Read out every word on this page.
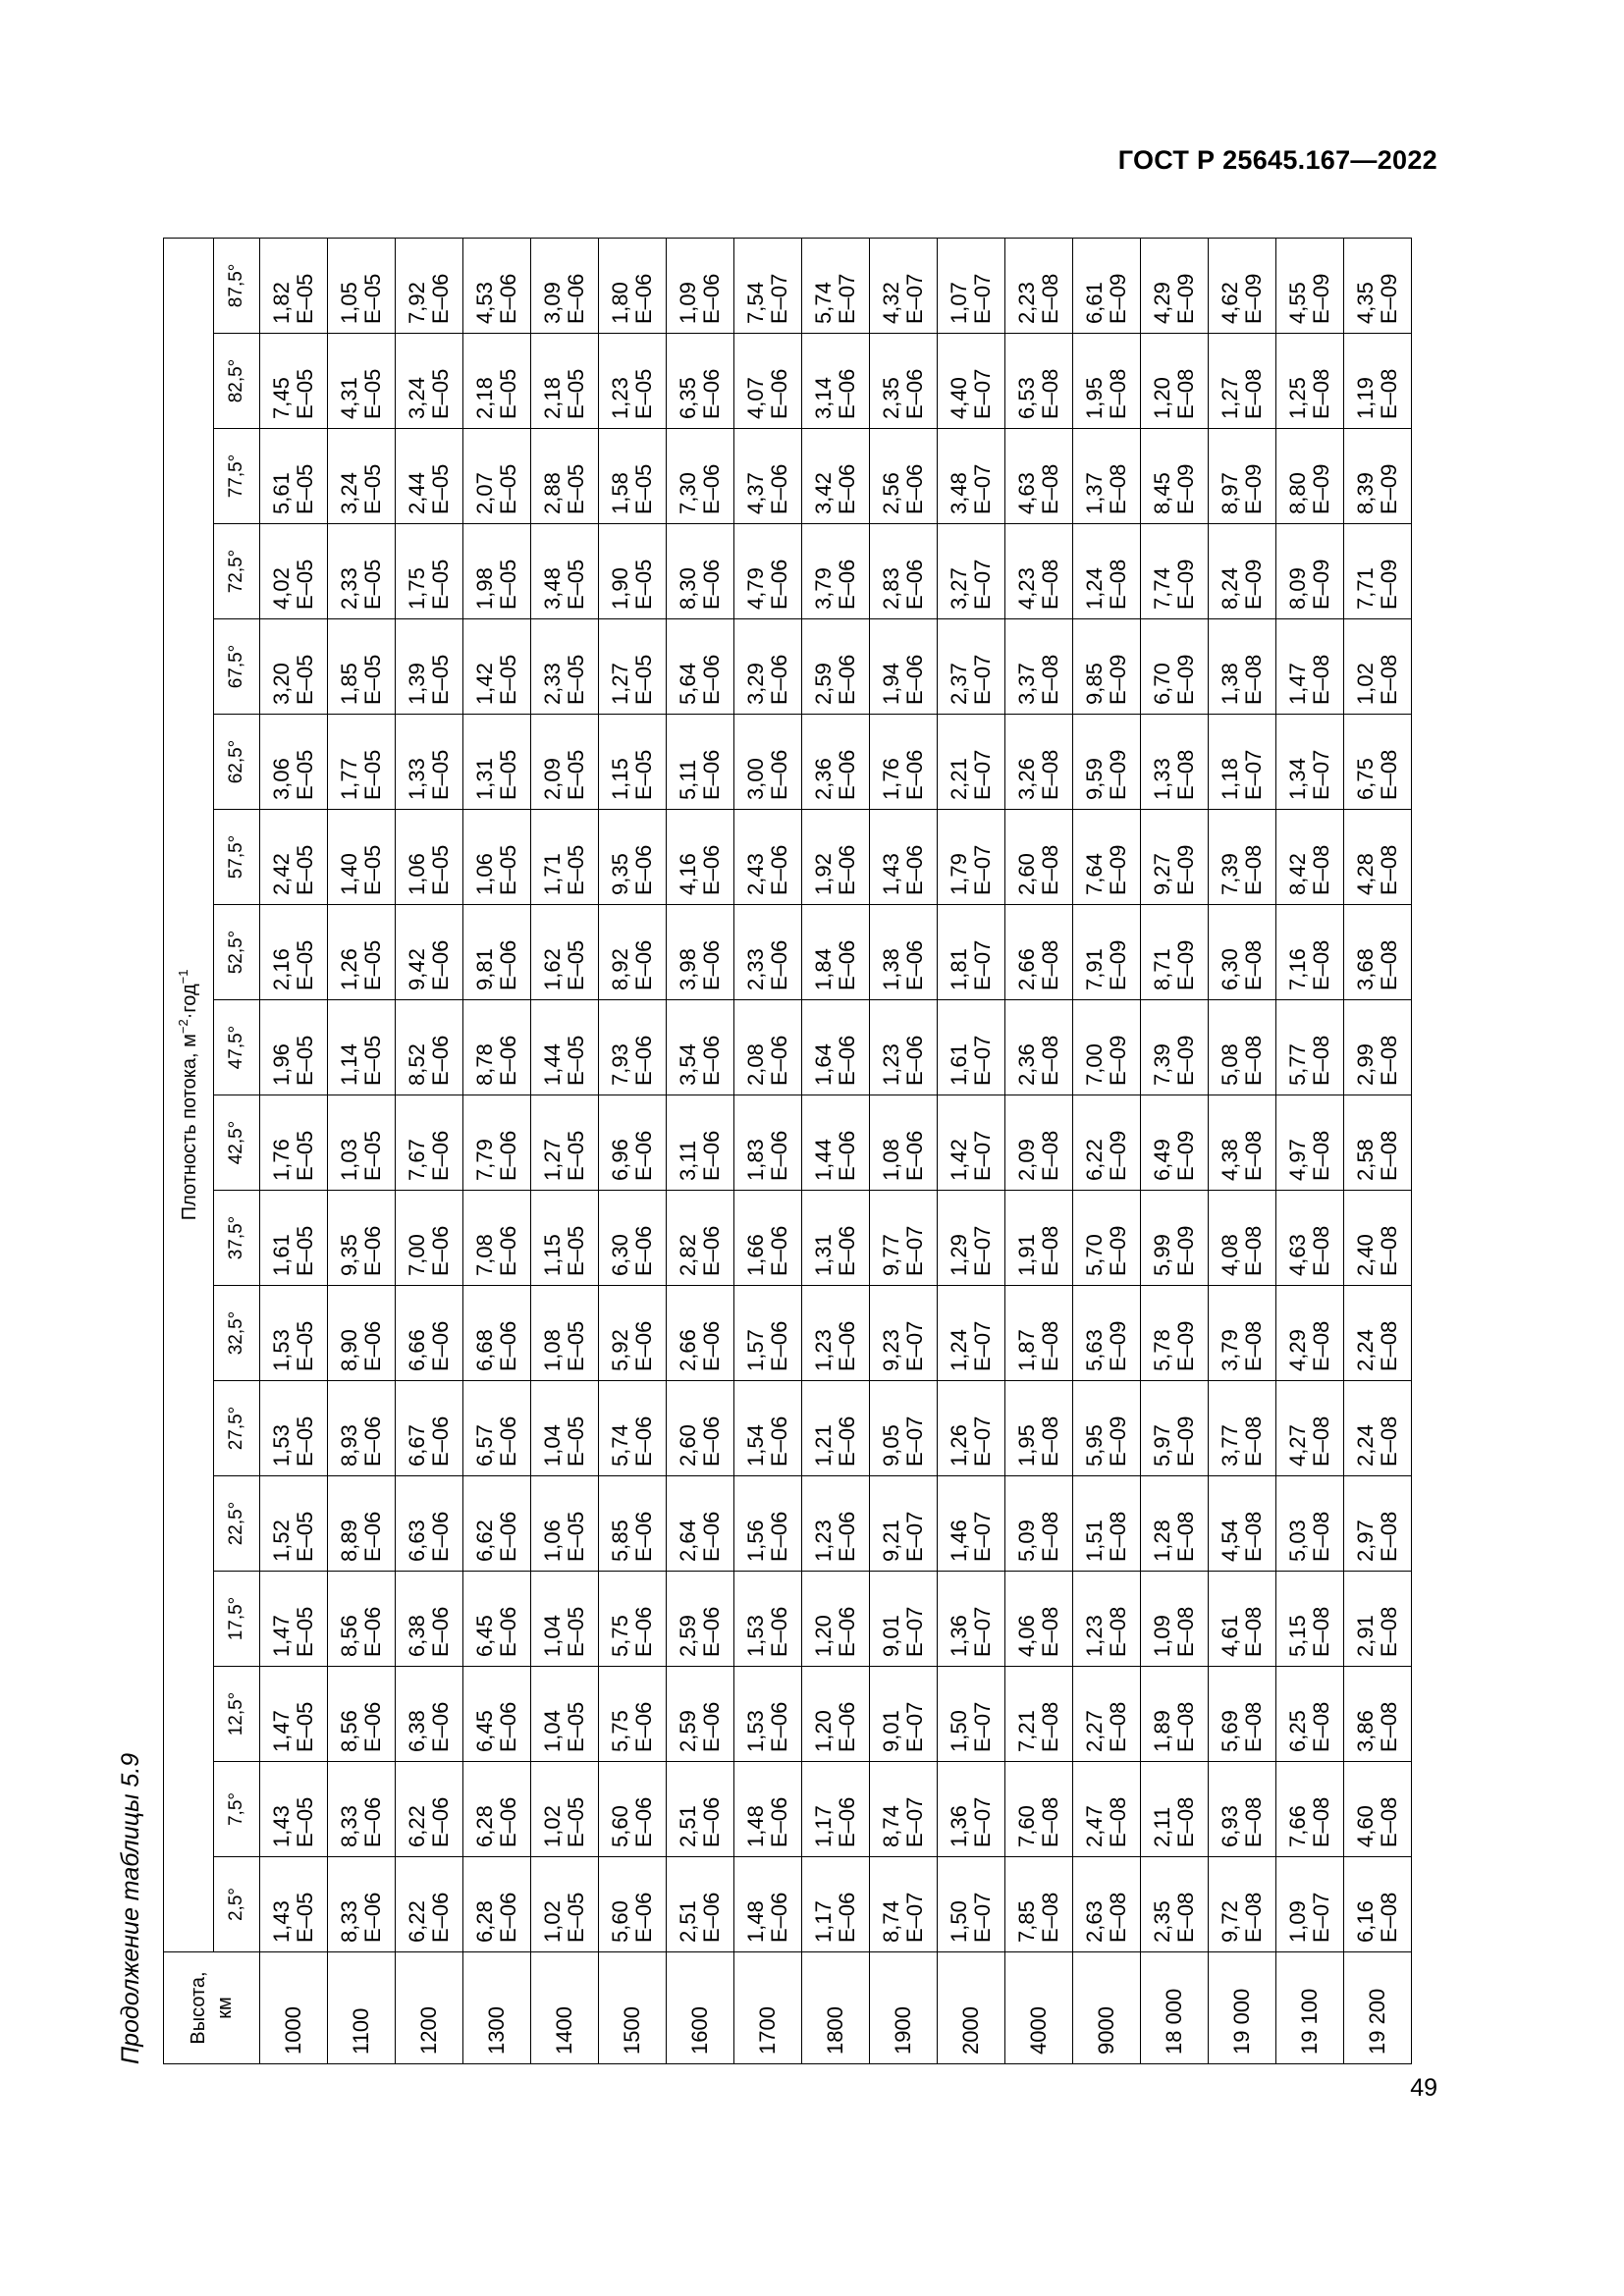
ГОСТ Р 25645.167—2022
Продолжение таблицы 5.9	Высота, км	Плотность потока, $м^{-2}\cdot год^{-1}$
	2,5°	7,5°	12,5°	17,5°	22,5°	27,5°	32,5°	37,5°	42,5°	47,5°	52,5°	57,5°	62,5°	67,5°	72,5°	77,5°	82,5°	87,5°
1000	1,43 E–05	1,43 E–05	1,47 E–05	1,47 E–05	1,52 E–05	1,53 E–05	1,53 E–05	1,61 E–05	1,76 E–05	1,96 E–05	2,16 E–05	2,42 E–05	3,06 E–05	3,20 E–05	4,02 E–05	5,61 E–05	7,45 E–05	1,82 E–05

1100	8,33 E–06	8,33 E–06	8,56 E–06	8,56 E–06	8,89 E–06	8,93 E–06	8,90 E–06	9,35 E–06	1,03 E–05	1,14 E–05	1,26 E–05	1,40 E–05	1,77 E–05	1,85 E–05	2,33 E–05	3,24 E–05	4,31 E–05	1,05 E–05

1200	6,22 E–06	6,22 E–06	6,38 E–06	6,38 E–06	6,63 E–06	6,67 E–06	6,66 E–06	7,00 E–06	7,67 E–06	8,52 E–06	9,42 E–06	1,06 E–05	1,33 E–05	1,39 E–05	1,75 E–05	2,44 E–05	3,24 E–05	7,92 E–06

1300	6,28 E–06	6,28 E–06	6,45 E–06	6,45 E–06	6,62 E–06	6,57 E–06	6,68 E–06	7,08 E–06	7,79 E–06	8,78 E–06	9,81 E–06	1,06 E–05	1,31 E–05	1,42 E–05	1,98 E–05	2,07 E–05	2,18 E–05	4,53 E–06

1400	1,02 E–05	1,02 E–05	1,04 E–05	1,04 E–05	1,06 E–05	1,04 E–05	1,08 E–05	1,15 E–05	1,27 E–05	1,44 E–05	1,62 E–05	1,71 E–05	2,09 E–05	2,33 E–05	3,48 E–05	2,88 E–05	2,18 E–05	3,09 E–06

1500	5,60 E–06	5,60 E–06	5,75 E–06	5,75 E–06	5,85 E–06	5,74 E–06	5,92 E–06	6,30 E–06	6,96 E–06	7,93 E–06	8,92 E–06	9,35 E–06	1,15 E–05	1,27 E–05	1,90 E–05	1,58 E–05	1,23 E–05	1,80 E–06

1600	2,51 E–06	2,51 E–06	2,59 E–06	2,59 E–06	2,64 E–06	2,60 E–06	2,66 E–06	2,82 E–06	3,11 E–06	3,54 E–06	3,98 E–06	4,16 E–06	5,11 E–06	5,64 E–06	8,30 E–06	7,30 E–06	6,35 E–06	1,09 E–06

1700	1,48 E–06	1,48 E–06	1,53 E–06	1,53 E–06	1,56 E–06	1,54 E–06	1,57 E–06	1,66 E–06	1,83 E–06	2,08 E–06	2,33 E–06	2,43 E–06	3,00 E–06	3,29 E–06	4,79 E–06	4,37 E–06	4,07 E–06	7,54 E–07

1800	1,17 E–06	1,17 E–06	1,20 E–06	1,20 E–06	1,23 E–06	1,21 E–06	1,23 E–06	1,31 E–06	1,44 E–06	1,64 E–06	1,84 E–06	1,92 E–06	2,36 E–06	2,59 E–06	3,79 E–06	3,42 E–06	3,14 E–06	5,74 E–07

1900	8,74 E–07	8,74 E–07	9,01 E–07	9,01 E–07	9,21 E–07	9,05 E–07	9,23 E–07	9,77 E–07	1,08 E–06	1,23 E–06	1,38 E–06	1,43 E–06	1,76 E–06	1,94 E–06	2,83 E–06	2,56 E–06	2,35 E–06	4,32 E–07

2000	1,50 E–07	1,36 E–07	1,50 E–07	1,36 E–07	1,46 E–07	1,26 E–07	1,24 E–07	1,29 E–07	1,42 E–07	1,61 E–07	1,81 E–07	1,79 E–07	2,21 E–07	2,37 E–07	3,27 E–07	3,48 E–07	4,40 E–07	1,07 E–07

4000	7,85 E–08	7,60 E–08	7,21 E–08	4,06 E–08	5,09 E–08	1,95 E–08	1,87 E–08	1,91 E–08	2,09 E–08	2,36 E–08	2,66 E–08	2,60 E–08	3,26 E–08	3,37 E–08	4,23 E–08	4,63 E–08	6,53 E–08	2,23 E–08

9000	2,63 E–08	2,47 E–08	2,27 E–08	1,23 E–08	1,51 E–08	5,95 E–09	5,63 E–09	5,70 E–09	6,22 E–09	7,00 E–09	7,91 E–09	7,64 E–09	9,59 E–09	9,85 E–09	1,24 E–08	1,37 E–08	1,95 E–08	6,61 E–09

18 000	2,35 E–08	2,11 E–08	1,89 E–08	1,09 E–08	1,28 E–08	5,97 E–09	5,78 E–09	5,99 E–09	6,49 E–09	7,39 E–09	8,71 E–09	9,27 E–09	1,33 E–08	6,70 E–09	7,74 E–09	8,45 E–09	1,20 E–08	4,29 E–09

19 000	9,72 E–08	6,93 E–08	5,69 E–08	4,61 E–08	4,54 E–08	3,77 E–08	3,79 E–08	4,08 E–08	4,38 E–08	5,08 E–08	6,30 E–08	7,39 E–08	1,18 E–07	1,38 E–08	8,24 E–09	8,97 E–09	1,27 E–08	4,62 E–09

19 100	1,09 E–07	7,66 E–08	6,25 E–08	5,15 E–08	5,03 E–08	4,27 E–08	4,29 E–08	4,63 E–08	4,97 E–08	5,77 E–08	7,16 E–08	8,42 E–08	1,34 E–07	1,47 E–08	8,09 E–09	8,80 E–09	1,25 E–08	4,55 E–09

19 200	6,16 E–08	4,60 E–08	3,86 E–08	2,91 E–08	2,97 E–08	2,24 E–08	2,24 E–08	2,40 E–08	2,58 E–08	2,99 E–08	3,68 E–08	4,28 E–08	6,75 E–08	1,02 E–08	7,71 E–09	8,39 E–09	1,19 E–08	4,35 E–09
49
